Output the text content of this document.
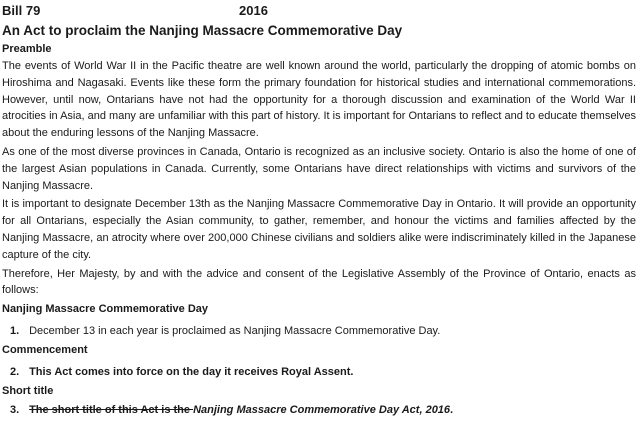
Bill 79	2016
An Act to proclaim the Nanjing Massacre Commemorative Day
Preamble
The events of World War II in the Pacific theatre are well known around the world, particularly the dropping of atomic bombs on Hiroshima and Nagasaki. Events like these form the primary foundation for historical studies and international commemorations. However, until now, Ontarians have not had the opportunity for a thorough discussion and examination of the World War II atrocities in Asia, and many are unfamiliar with this part of history. It is important for Ontarians to reflect and to educate themselves about the enduring lessons of the Nanjing Massacre.
As one of the most diverse provinces in Canada, Ontario is recognized as an inclusive society. Ontario is also the home of one of the largest Asian populations in Canada. Currently, some Ontarians have direct relationships with victims and survivors of the Nanjing Massacre.
It is important to designate December 13th as the Nanjing Massacre Commemorative Day in Ontario. It will provide an opportunity for all Ontarians, especially the Asian community, to gather, remember, and honour the victims and families affected by the Nanjing Massacre, an atrocity where over 200,000 Chinese civilians and soldiers alike were indiscriminately killed in the Japanese capture of the city.
Therefore, Her Majesty, by and with the advice and consent of the Legislative Assembly of the Province of Ontario, enacts as follows:
Nanjing Massacre Commemorative Day
1. December 13 in each year is proclaimed as Nanjing Massacre Commemorative Day.
Commencement
2. This Act comes into force on the day it receives Royal Assent.
Short title
3. The short title of this Act is the Nanjing Massacre Commemorative Day Act, 2016.
